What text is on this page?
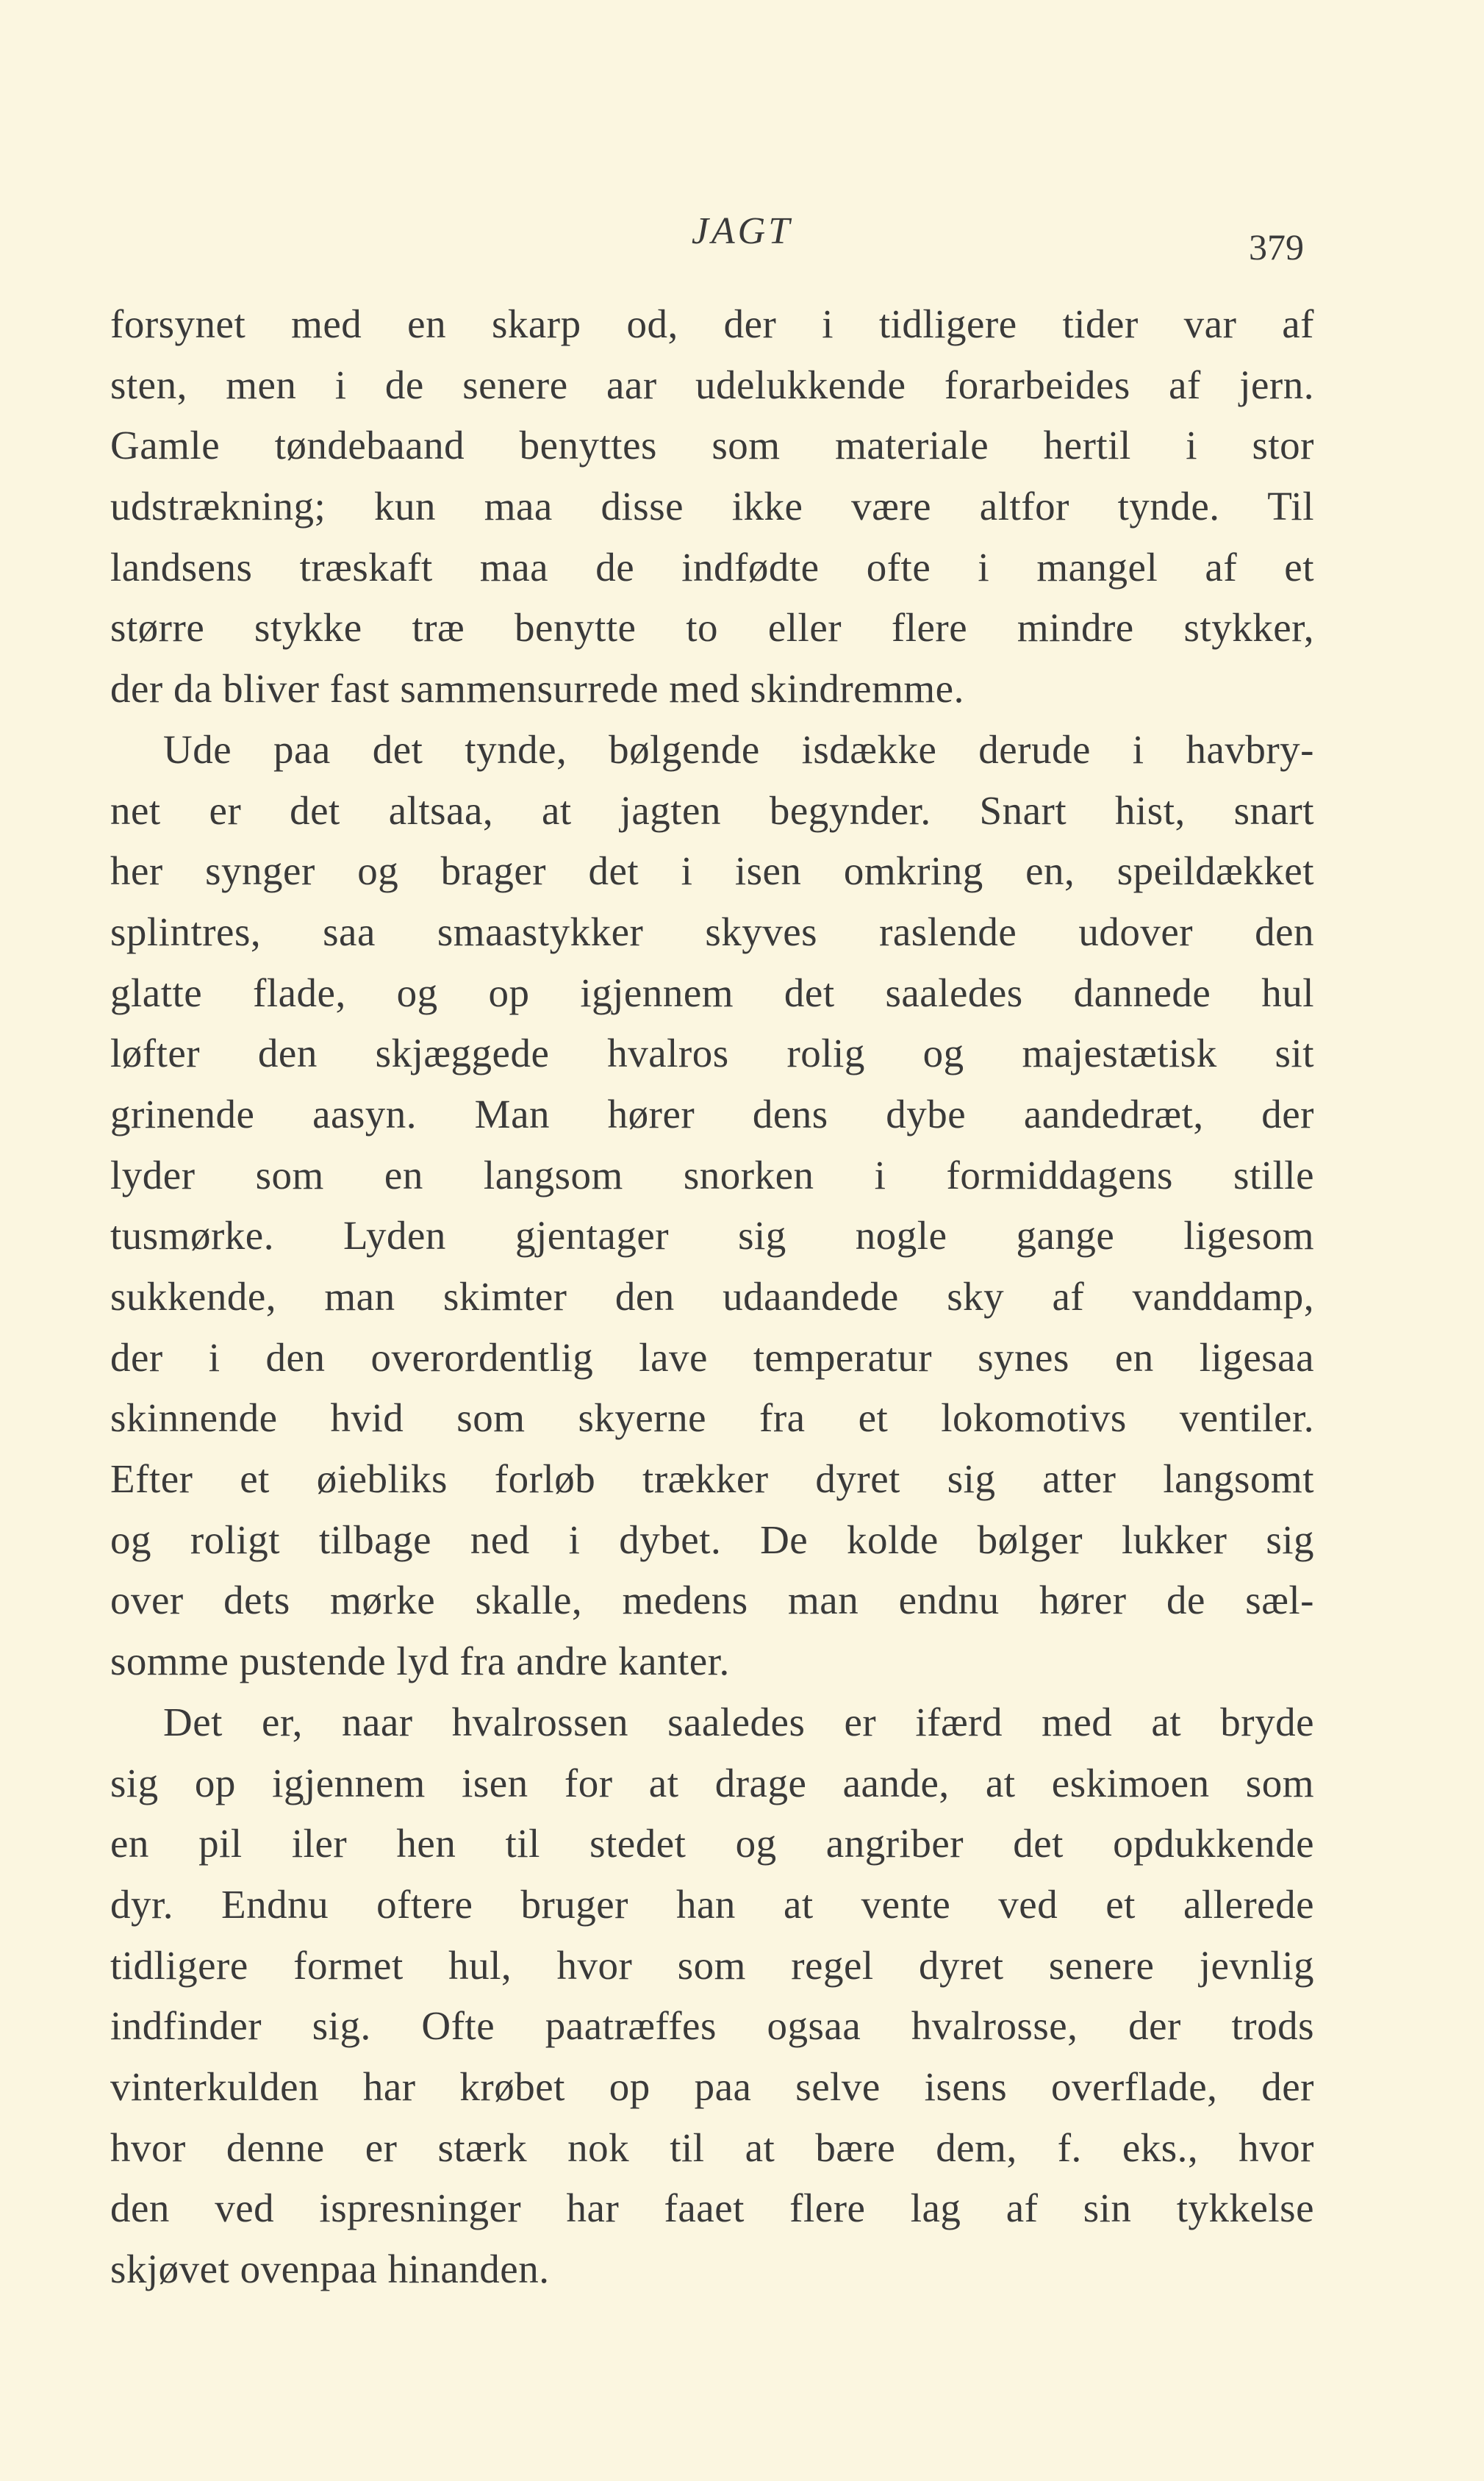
JAGT	379
forsynet med en skarp od, der i tidligere tider var af
sten, men i de senere aar udelukkende forarbeides af jern.
Gamle tøndebaand benyttes som materiale hertil i stor
udstrækning; kun maa disse ikke være altfor tynde. Til
landsens træskaft maa de indfødte ofte i mangel af et
større stykke træ benytte to eller flere mindre stykker,
der da bliver fast sammensurrede med skindremme.
Ude paa det tynde, bølgende isdække derude i havbry-
net er det altsaa, at jagten begynder. Snart hist, snart
her synger og brager det i isen omkring en, speildækket
splintres, saa smaastykker skyves raslende udover den
glatte flade, og op igjennem det saaledes dannede hul
løfter den skjæggede hvalros rolig og majestætisk sit
grinende aasyn. Man hører dens dybe aandedræt, der
lyder som en langsom snorken i formiddagens stille
tusmørke. Lyden gjentager sig nogle gange ligesom
sukkende, man skimter den udaandede sky af vanddamp,
der i den overordentlig lave temperatur synes en ligesaa
skinnende hvid som skyerne fra et lokomotivs ventiler.
Efter et øiebliks forløb trækker dyret sig atter langsomt
og roligt tilbage ned i dybet. De kolde bølger lukker sig
over dets mørke skalle, medens man endnu hører de sæl-
somme pustende lyd fra andre kanter.
Det er, naar hvalrossen saaledes er ifærd med at bryde
sig op igjennem isen for at drage aande, at eskimoen som
en pil iler hen til stedet og angriber det opdukkende
dyr. Endnu oftere bruger han at vente ved et allerede
tidligere formet hul, hvor som regel dyret senere jevnlig
indfinder sig. Ofte paatræffes ogsaa hvalrosse, der trods
vinterkulden har krøbet op paa selve isens overflade, der
hvor denne er stærk nok til at bære dem, f. eks., hvor
den ved ispresninger har faaet flere lag af sin tykkelse
skjøvet ovenpaa hinanden.
